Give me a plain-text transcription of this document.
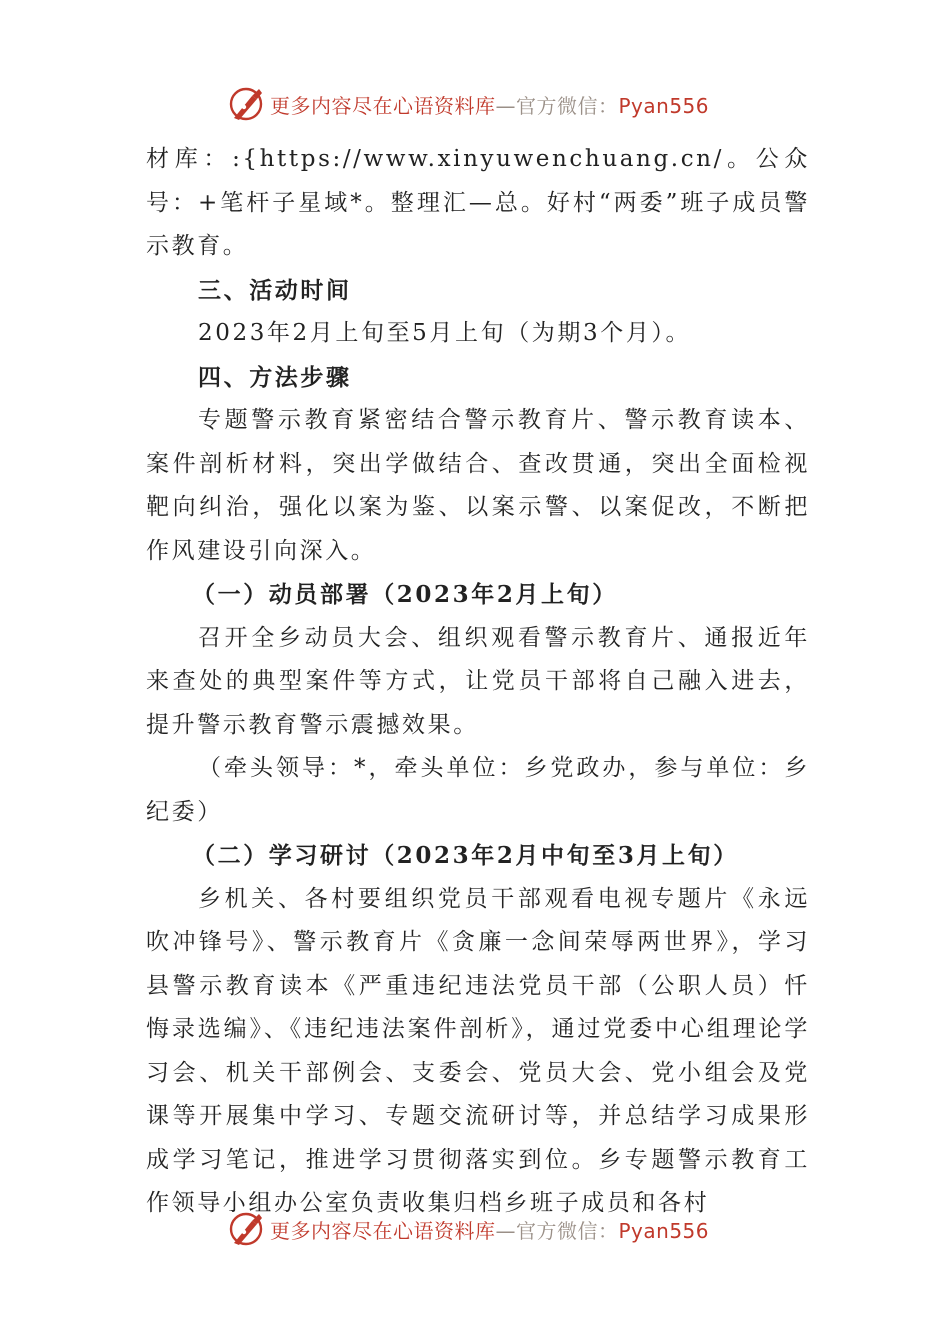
更多内容尽在心语资料库—官方微信：Pyan556

材库：:{https://www.xinyuwenchuang.cn/。公众号：+笔杆子星域*。整理汇—总。好村“两委”班子成员警示教育。

三、活动时间

2023年2月上旬至5月上旬（为期3个月）。

四、方法步骤

专题警示教育紧密结合警示教育片、警示教育读本、案件剖析材料，突出学做结合、查改贯通，突出全面检视靶向纠治，强化以案为鉴、以案示警、以案促改，不断把作风建设引向深入。

（一）动员部署（2023年2月上旬）

召开全乡动员大会、组织观看警示教育片、通报近年来查处的典型案件等方式，让党员干部将自己融入进去，提升警示教育警示震撼效果。

（牵头领导：*，牵头单位：乡党政办，参与单位：乡纪委）

（二）学习研讨（2023年2月中旬至3月上旬）

乡机关、各村要组织党员干部观看电视专题片《永远吹冲锋号》、警示教育片《贪廉一念间荣辱两世界》，学习县警示教育读本《严重违纪违法党员干部（公职人员）忏悔录选编》、《违纪违法案件剖析》，通过党委中心组理论学习会、机关干部例会、支委会、党员大会、党小组会及党课等开展集中学习、专题交流研讨等，并总结学习成果形成学习笔记，推进学习贯彻落实到位。乡专题警示教育工作领导小组办公室负责收集归档乡班子成员和各村

更多内容尽在心语资料库—官方微信：Pyan556
